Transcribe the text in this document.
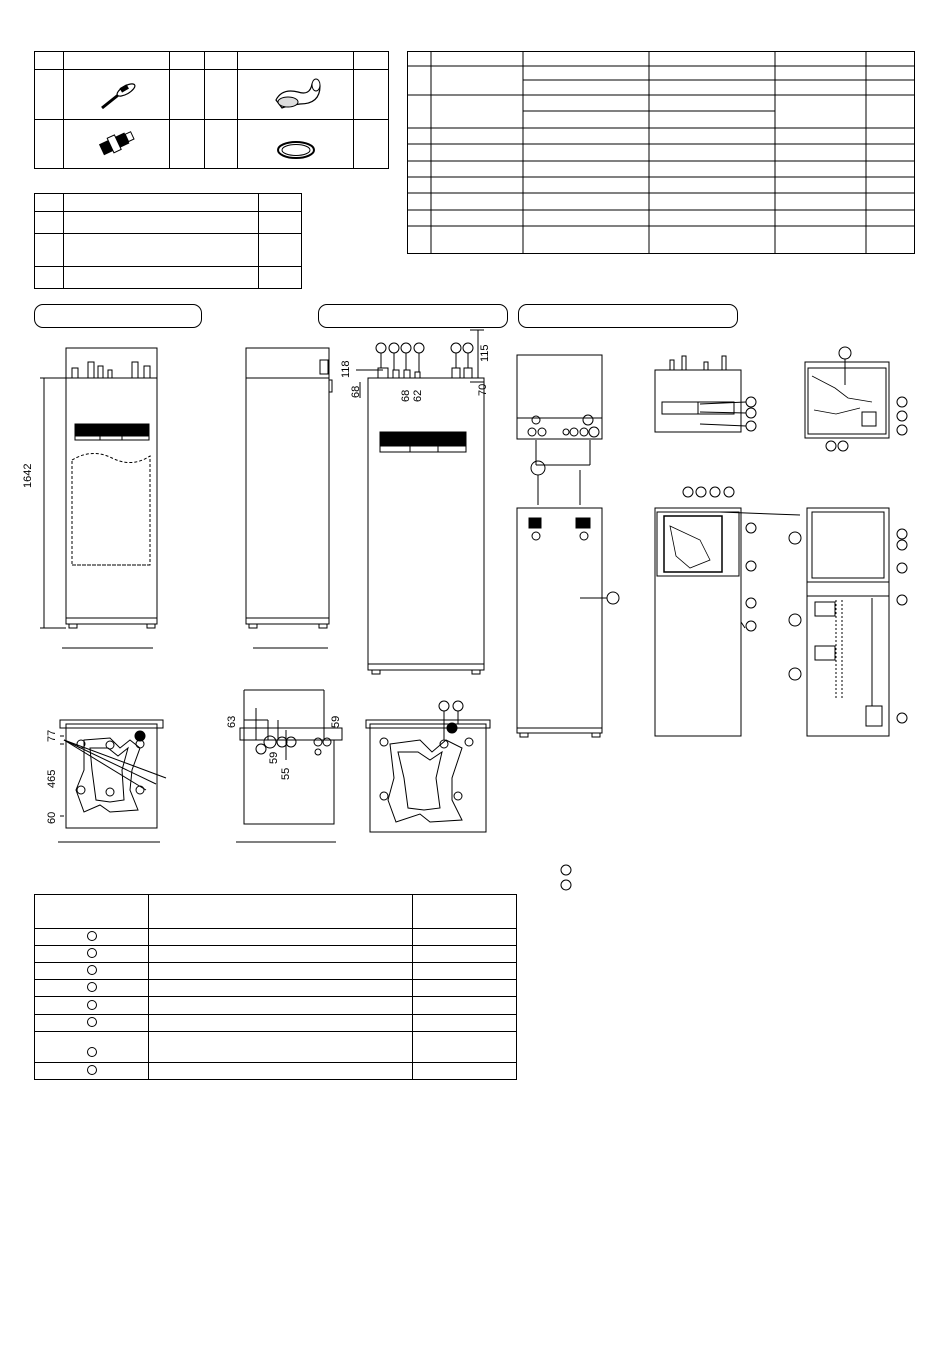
1642
118
68	68 62
115
70
77
465
60
63
59
55
59
